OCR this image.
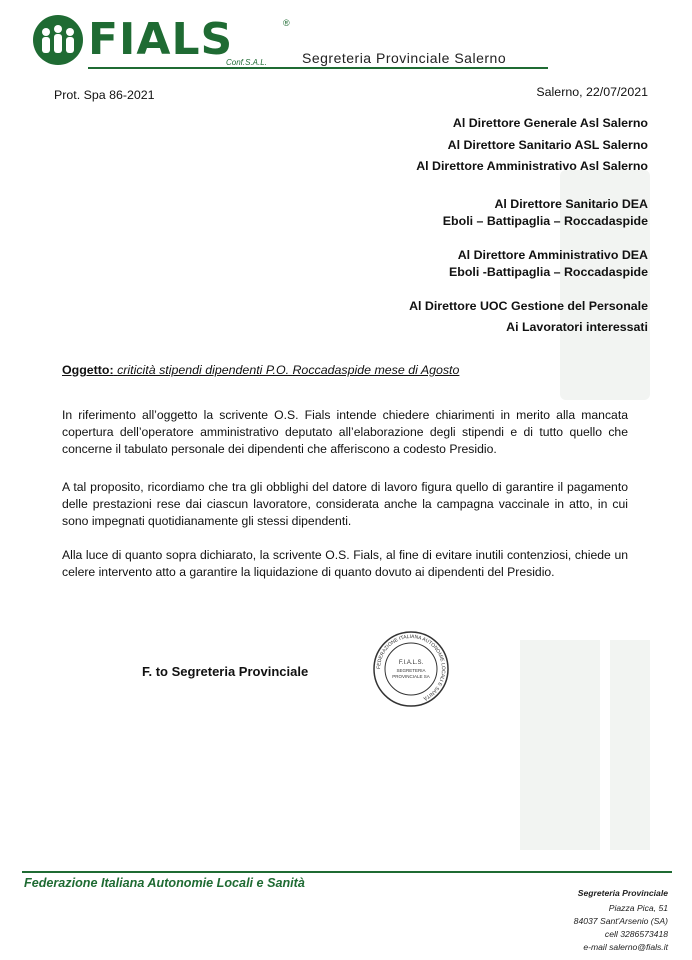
FIALS	®
Conf.S.A.L.	Segreteria Provinciale Salerno
Prot. Spa 86-2021	Salerno, 22/07/2021
Al Direttore Generale Asl Salerno
Al Direttore Sanitario ASL Salerno
Al Direttore Amministrativo Asl Salerno
Al Direttore Sanitario DEA
Eboli – Battipaglia – Roccadaspide
Al Direttore Amministrativo DEA
Eboli -Battipaglia – Roccadaspide
Al Direttore UOC Gestione del Personale
Ai Lavoratori interessati
Oggetto: criticità stipendi dipendenti P.O. Roccadaspide mese di Agosto
In riferimento all’oggetto la scrivente O.S. Fials intende chiedere chiarimenti in merito alla mancata copertura dell’operatore amministrativo deputato all’elaborazione degli stipendi e di tutto quello che concerne il tabulato personale dei dipendenti che afferiscono a codesto Presidio.
A tal proposito, ricordiamo che tra gli obblighi del datore di lavoro figura quello di garantire il pagamento delle prestazioni rese dai ciascun lavoratore, considerata anche la campagna vaccinale in atto, in cui sono impegnati quotidianamente gli stessi dipendenti.
Alla luce di quanto sopra dichiarato, la scrivente O.S. Fials, al fine di evitare inutili contenziosi, chiede un celere intervento atto a garantire la liquidazione di quanto dovuto ai dipendenti del Presidio.
F. to Segreteria Provinciale	FEDERAZIONE ITALIANA AUTONOMIE LOCALI E SANITÀ
F.I.A.L.S.
SEGRETERIA
PROVINCIALE SA
Federazione Italiana Autonomie Locali e Sanità
Segreteria Provinciale
Piazza Pica, 51
84037 Sant'Arsenio (SA)
cell 3286573418
e-mail salerno@fials.it
